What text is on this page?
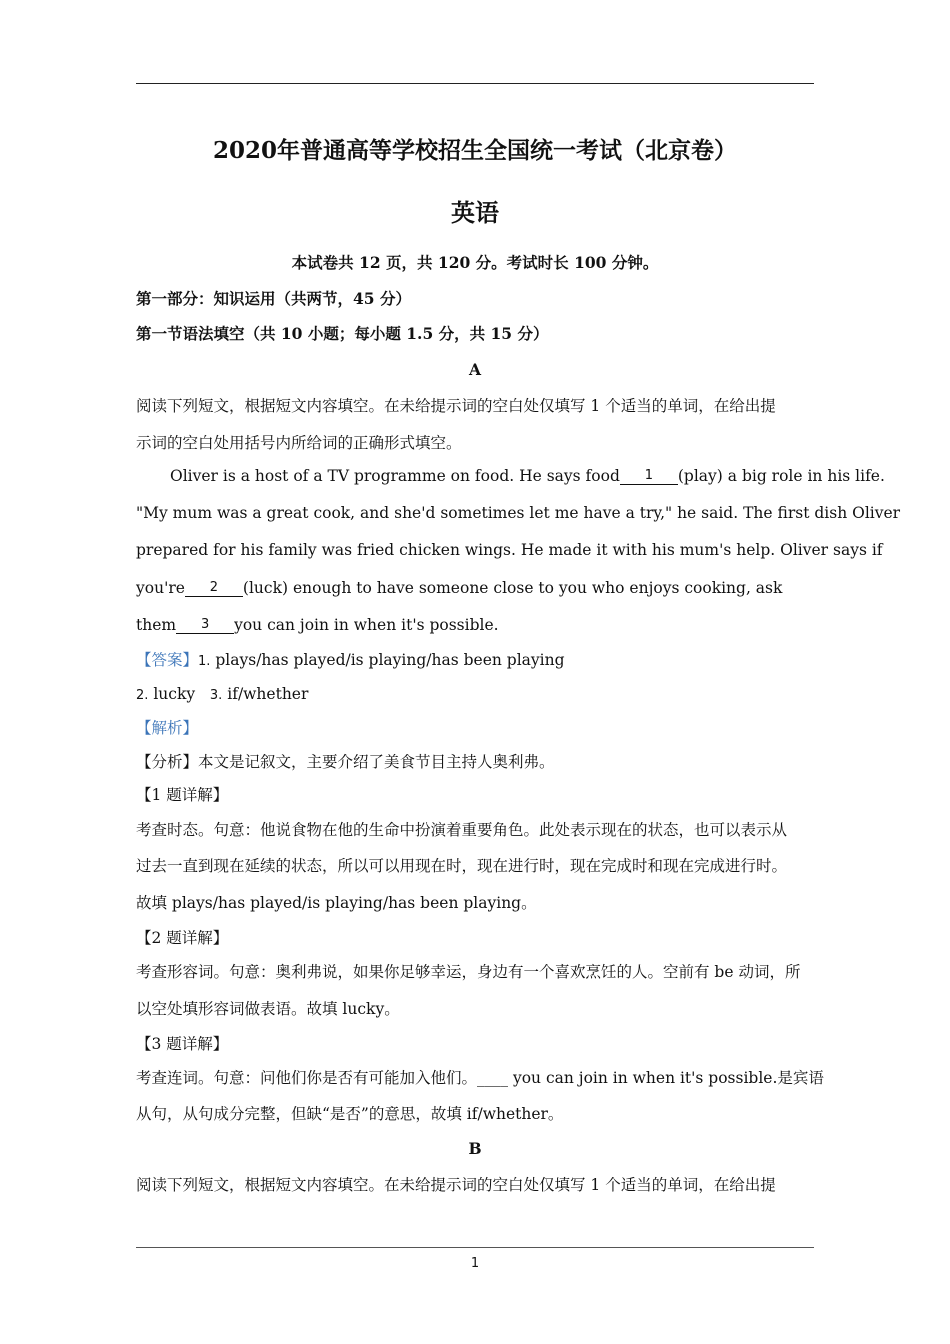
2020年普通高等学校招生全国统一考试（北京卷）
英语
本试卷共 12 页，共 120 分。考试时长 100 分钟。
第一部分：知识运用（共两节，45 分）
第一节语法填空（共 10 小题；每小题 1.5 分，共 15 分）
A
阅读下列短文，根据短文内容填空。在未给提示词的空白处仅填写 1 个适当的单词，在给出提
示词的空白处用括号内所给词的正确形式填空。
Oliver is a host of a TV programme on food. He says food 1 (play) a big role in his life.
"My mum was a great cook, and she'd sometimes let me have a try," he said. The first dish Oliver
prepared for his family was fried chicken wings. He made it with his mum's help. Oliver says if
you're 2 (luck) enough to have someone close to you who enjoys cooking, ask
them 3 you can join in when it's possible.
【答案】1. plays/has played/is playing/has been playing
2. lucky 3. if/whether
【解析】
【分析】本文是记叙文，主要介绍了美食节目主持人奥利弗。
【1 题详解】
考查时态。句意：他说食物在他的生命中扮演着重要角色。此处表示现在的状态，也可以表示从
过去一直到现在延续的状态，所以可以用现在时，现在进行时，现在完成时和现在完成进行时。
故填 plays/has played/is playing/has been playing。
【2 题详解】
考查形容词。句意：奥利弗说，如果你足够幸运，身边有一个喜欢烹饪的人。空前有 be 动词，所
以空处填形容词做表语。故填 lucky。
【3 题详解】
考查连词。句意：问他们你是否有可能加入他们。____ you can join in when it's possible.是宾语
从句，从句成分完整，但缺“是否”的意思，故填 if/whether。
B
阅读下列短文，根据短文内容填空。在未给提示词的空白处仅填写 1 个适当的单词，在给出提
1
